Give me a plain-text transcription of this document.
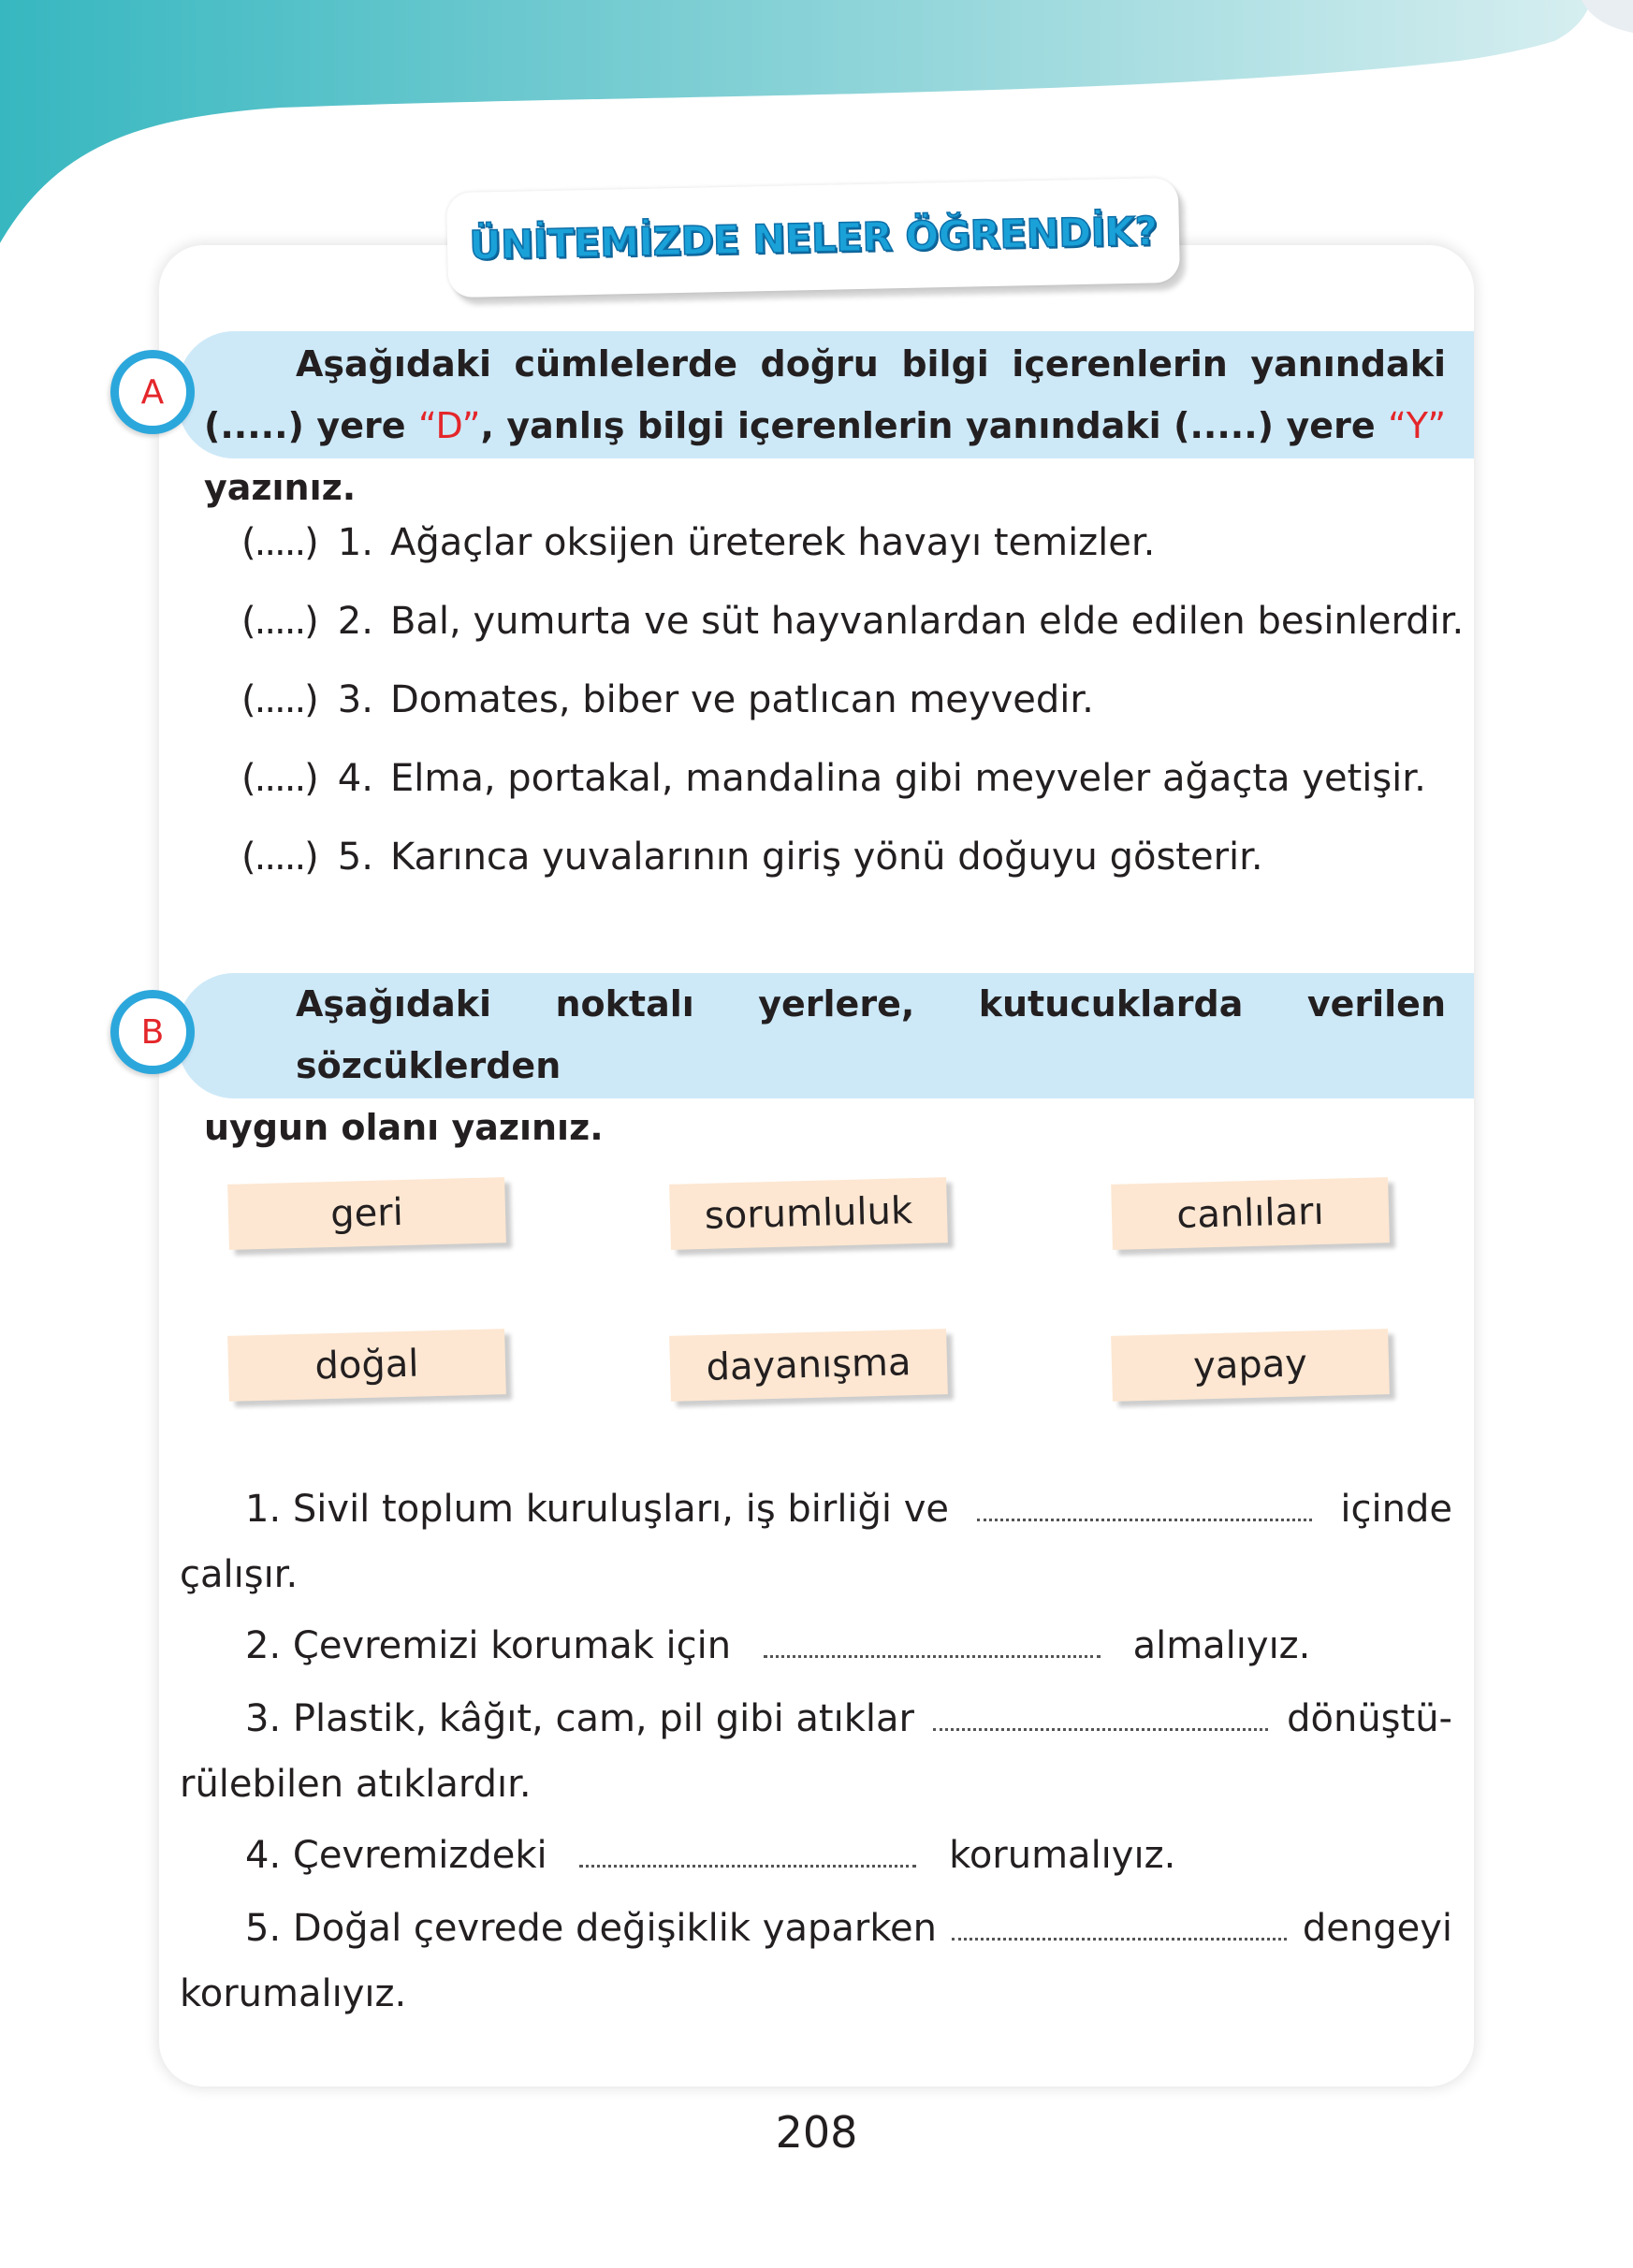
ÜNİTEMİZDE NELER ÖĞRENDİK?
Aşağıdaki cümlelerde doğru bilgi içerenlerin yanındaki (.....) yere “D”, yanlış bilgi içerenlerin yanındaki (.....) yere “Y” yazınız.
A
(.....) 1. Ağaçlar oksijen üreterek havayı temizler.
(.....) 2. Bal, yumurta ve süt hayvanlardan elde edilen besinlerdir.
(.....) 3. Domates, biber ve patlıcan meyvedir.
(.....) 4. Elma, portakal, mandalina gibi meyveler ağaçta yetişir.
(.....) 5. Karınca yuvalarının giriş yönü doğuyu gösterir.
Aşağıdaki noktalı yerlere, kutucuklarda verilen sözcüklerden
uygun olanı yazınız.
B
geri	sorumluluk	canlıları
doğal	dayanışma	yapay
1. Sivil toplum kuruluşları, iş birliği ve	içinde
çalışır.
2. Çevremizi korumak için	almalıyız.
3. Plastik, kâğıt, cam, pil gibi atıklar	dönüştü-
rülebilen atıklardır.
4. Çevremizdeki	korumalıyız.
5. Doğal çevrede değişiklik yaparken	dengeyi
korumalıyız.
208
